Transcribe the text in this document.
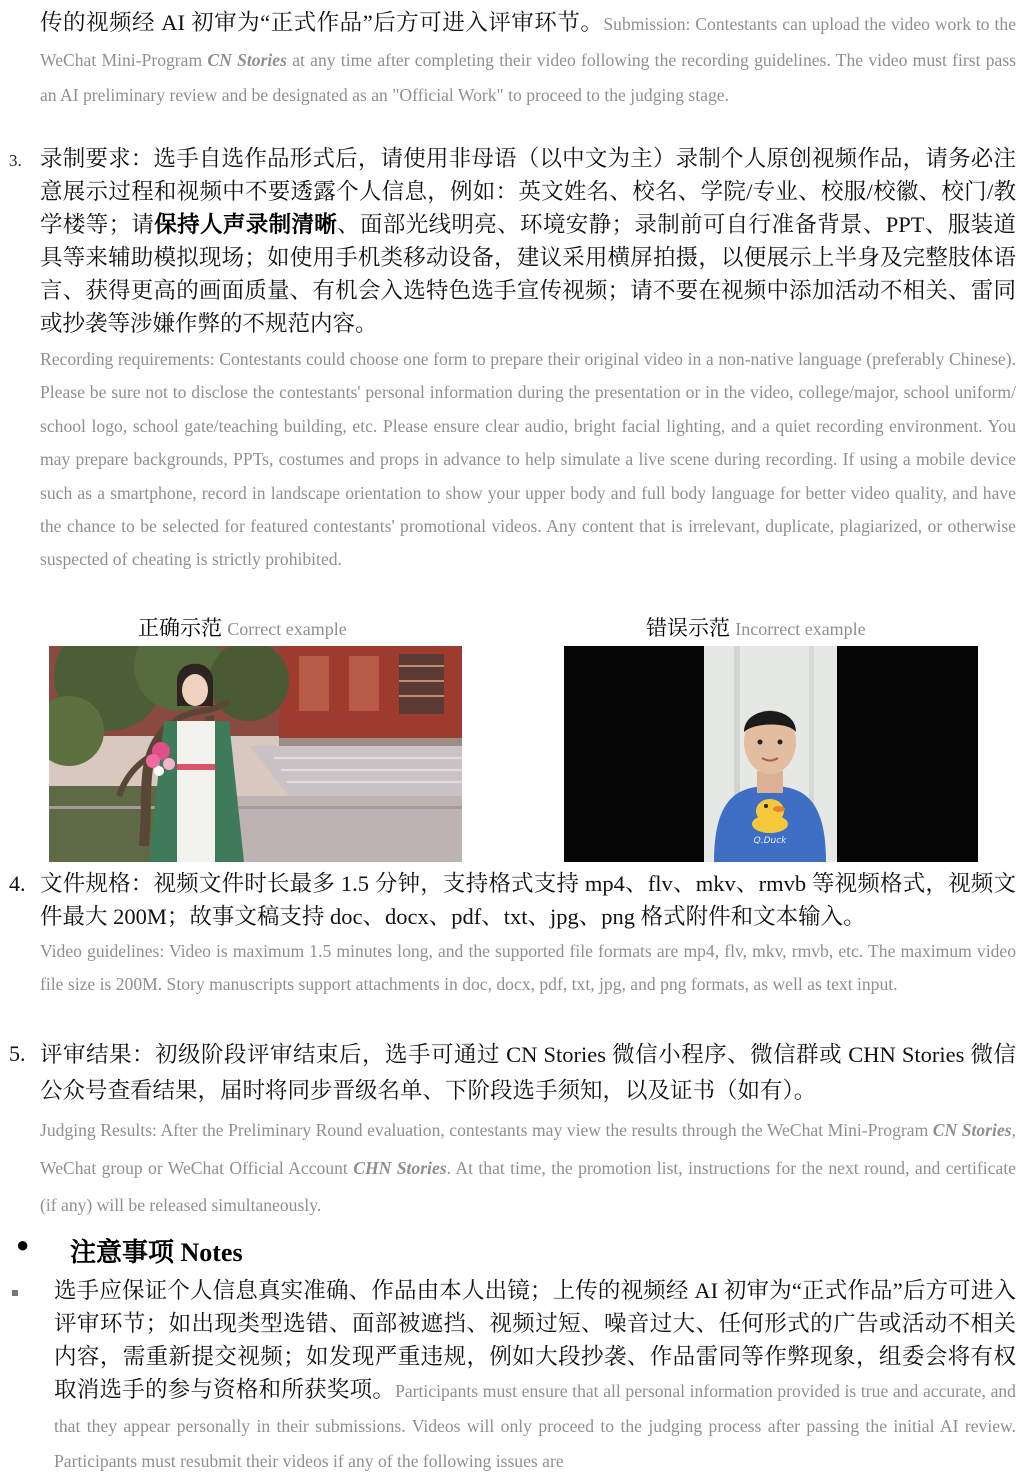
传的视频经 AI 初审为“正式作品”后方可进入评审环节。Submission: Contestants can upload the video work to the WeChat Mini-Program CN Stories at any time after completing their video following the recording guidelines. The video must first pass an AI preliminary review and be designated as an "Official Work" to proceed to the judging stage.
3. 录制要求：选手自选作品形式后，请使用非母语（以中文为主）录制个人原创视频作品，请务必注意展示过程和视频中不要透露个人信息，例如：英文姓名、校名、学院/专业、校服/校徽、校门/教学楼等；请保持人声录制清晰、面部光线明亮、环境安静；录制前可自行准备背景、PPT、服装道具等来辅助模拟现场；如使用手机类移动设备，建议采用横屏拍摄，以便展示上半身及完整肢体语言、获得更高的画面质量、有机会入选特色选手宣传视频；请不要在视频中添加活动不相关、雷同或抄袭等涉嫌作弊的不规范内容。
Recording requirements: Contestants could choose one form to prepare their original video in a non-native language (preferably Chinese). Please be sure not to disclose the contestants' personal information during the presentation or in the video, college/major, school uniform/ school logo, school gate/teaching building, etc. Please ensure clear audio, bright facial lighting, and a quiet recording environment. You may prepare backgrounds, PPTs, costumes and props in advance to help simulate a live scene during recording. If using a mobile device such as a smartphone, record in landscape orientation to show your upper body and full body language for better video quality, and have the chance to be selected for featured contestants' promotional videos. Any content that is irrelevant, duplicate, plagiarized, or otherwise suspected of cheating is strictly prohibited.
正确示范 Correct example	错误示范 Incorrect example
Q.Duck
4. 文件规格：视频文件时长最多 1.5 分钟，支持格式支持 mp4、flv、mkv、rmvb 等视频格式，视频文件最大 200M；故事文稿支持 doc、docx、pdf、txt、jpg、png 格式附件和文本输入。
Video guidelines: Video is maximum 1.5 minutes long, and the supported file formats are mp4, flv, mkv, rmvb, etc. The maximum video file size is 200M. Story manuscripts support attachments in doc, docx, pdf, txt, jpg, and png formats, as well as text input.
5. 评审结果：初级阶段评审结束后，选手可通过 CN Stories 微信小程序、微信群或 CHN Stories 微信公众号查看结果，届时将同步晋级名单、下阶段选手须知，以及证书（如有）。
Judging Results: After the Preliminary Round evaluation, contestants may view the results through the WeChat Mini-Program CN Stories, WeChat group or WeChat Official Account CHN Stories. At that time, the promotion list, instructions for the next round, and certificate (if any) will be released simultaneously.
● 注意事项 Notes
选手应保证个人信息真实准确、作品由本人出镜；上传的视频经 AI 初审为“正式作品”后方可进入评审环节；如出现类型选错、面部被遮挡、视频过短、噪音过大、任何形式的广告或活动不相关内容，需重新提交视频；如发现严重违规，例如大段抄袭、作品雷同等作弊现象，组委会将有权取消选手的参与资格和所获奖项。Participants must ensure that all personal information provided is true and accurate, and that they appear personally in their submissions. Videos will only proceed to the judging process after passing the initial AI review. Participants must resubmit their videos if any of the following issues are
